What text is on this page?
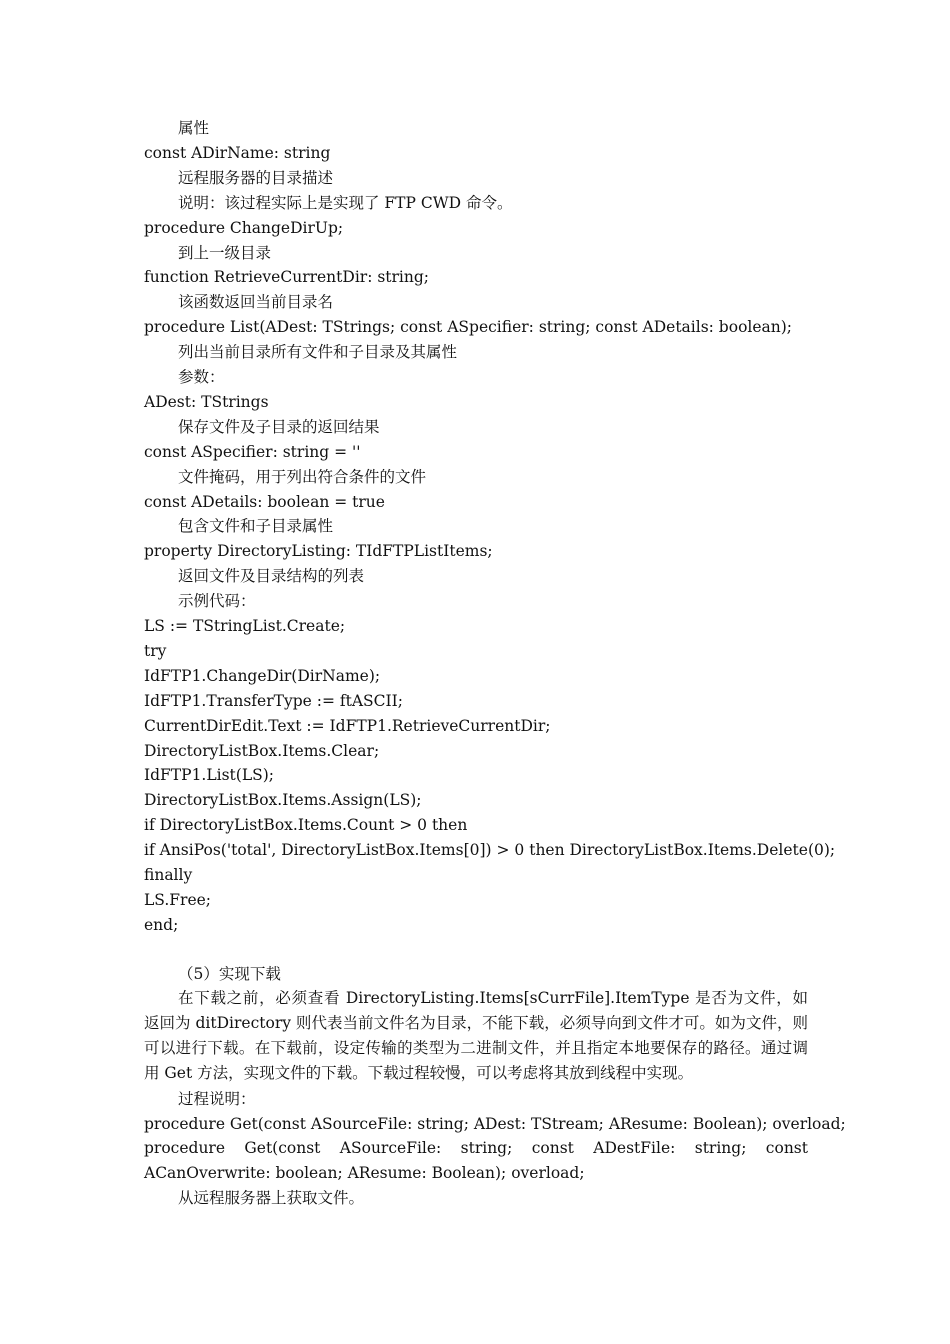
属性
const ADirName: string
远程服务器的目录描述
说明：该过程实际上是实现了 FTP CWD 命令。
procedure ChangeDirUp;
到上一级目录
function RetrieveCurrentDir: string;
该函数返回当前目录名
procedure List(ADest: TStrings; const ASpecifier: string; const ADetails: boolean);
列出当前目录所有文件和子目录及其属性
参数：
ADest: TStrings
保存文件及子目录的返回结果
const ASpecifier: string = ''
文件掩码，用于列出符合条件的文件
const ADetails: boolean = true
包含文件和子目录属性
property DirectoryListing: TIdFTPListItems;
返回文件及目录结构的列表
示例代码：
LS := TStringList.Create;
try
IdFTP1.ChangeDir(DirName);
IdFTP1.TransferType := ftASCII;
CurrentDirEdit.Text := IdFTP1.RetrieveCurrentDir;
DirectoryListBox.Items.Clear;
IdFTP1.List(LS);
DirectoryListBox.Items.Assign(LS);
if DirectoryListBox.Items.Count > 0 then
if AnsiPos('total', DirectoryListBox.Items[0]) > 0 then DirectoryListBox.Items.Delete(0);
finally
LS.Free;
end;
（5）实现下载
在下载之前，必须查看 DirectoryListing.Items[sCurrFile].ItemType 是否为文件，如返回为 ditDirectory 则代表当前文件名为目录，不能下载，必须导向到文件才可。如为文件，则可以进行下载。在下载前，设定传输的类型为二进制文件，并且指定本地要保存的路径。通过调用 Get 方法，实现文件的下载。下载过程较慢，可以考虑将其放到线程中实现。
过程说明：
procedure Get(const ASourceFile: string; ADest: TStream; AResume: Boolean); overload;
procedure Get(const ASourceFile: string; const ADestFile: string; const ACanOverwrite: boolean; AResume: Boolean); overload;
从远程服务器上获取文件。
